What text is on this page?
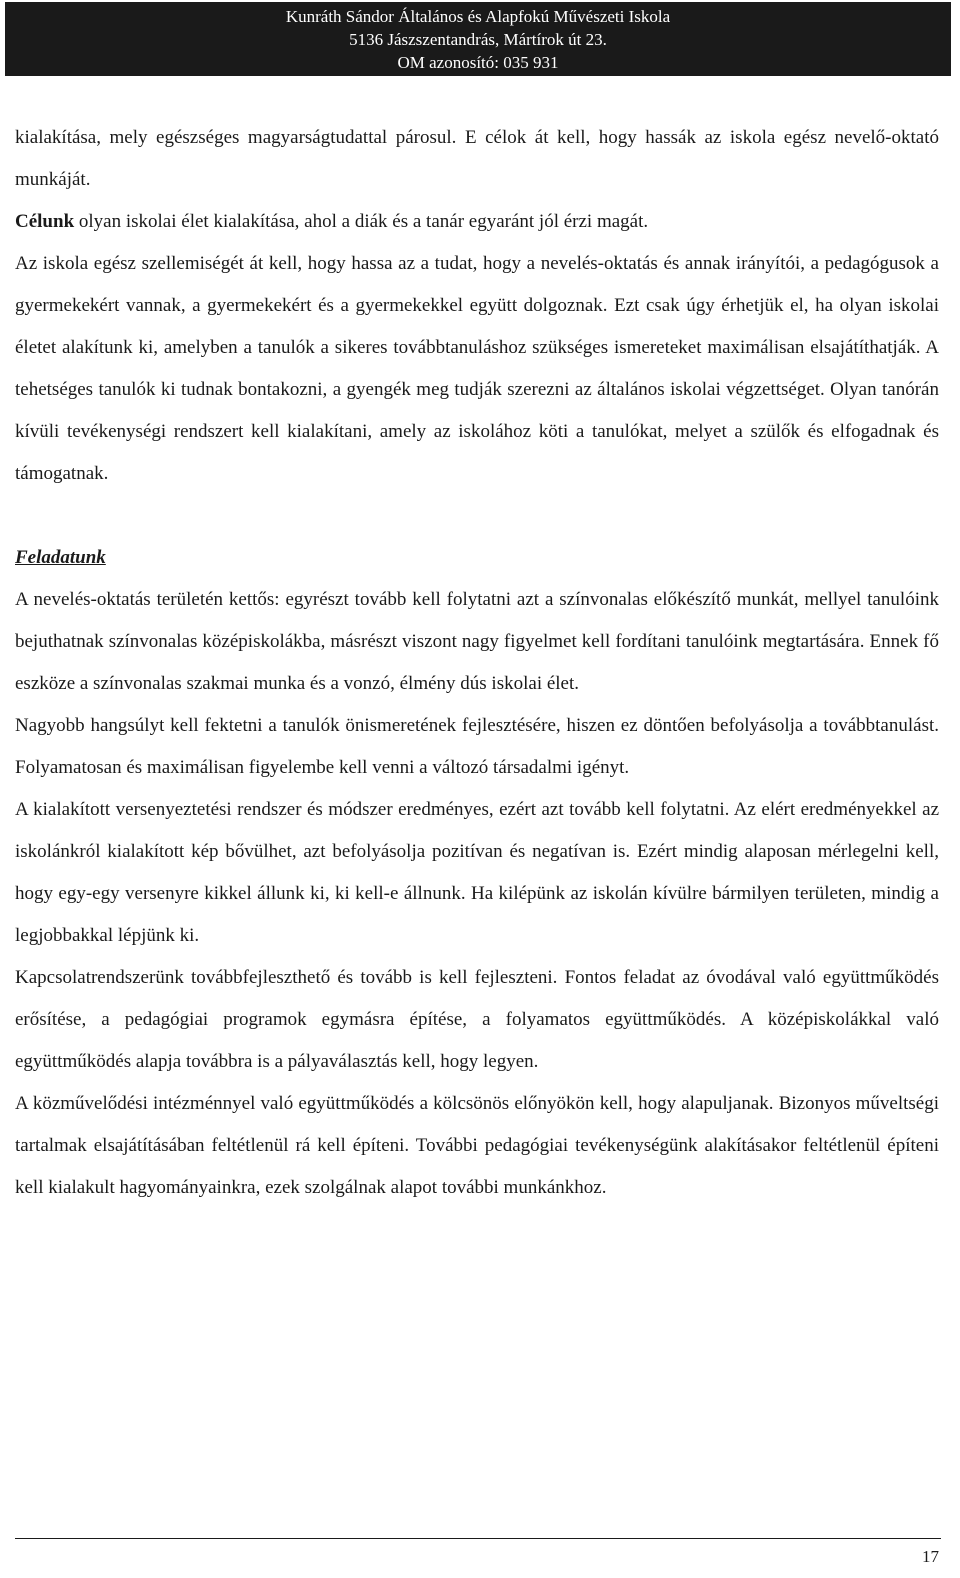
Kunráth Sándor Általános és Alapfokú Művészeti Iskola
5136 Jászszentandrás, Mártírok út 23.
OM azonosító: 035 931

kialakítása, mely egészséges magyarságtudattal párosul. E célok át kell, hogy hassák az iskola egész nevelő-oktató munkáját.

Célunk olyan iskolai élet kialakítása, ahol a diák és a tanár egyaránt jól érzi magát.

Az iskola egész szellemiségét át kell, hogy hassa az a tudat, hogy a nevelés-oktatás és annak irányítói, a pedagógusok a gyermekekért vannak, a gyermekekért és a gyermekekkel együtt dolgoznak. Ezt csak úgy érhetjük el, ha olyan iskolai életet alakítunk ki, amelyben a tanulók a sikeres továbbtanuláshoz szükséges ismereteket maximálisan elsajátíthatják. A tehetséges tanulók ki tudnak bontakozni, a gyengék meg tudják szerezni az általános iskolai végzettséget. Olyan tanórán kívüli tevékenységi rendszert kell kialakítani, amely az iskolához köti a tanulókat, melyet a szülők és elfogadnak és támogatnak.

Feladatunk

A nevelés-oktatás területén kettős: egyrészt tovább kell folytatni azt a színvonalas előkészítő munkát, mellyel tanulóink bejuthatnak színvonalas középiskolákba, másrészt viszont nagy figyelmet kell fordítani tanulóink megtartására. Ennek fő eszköze a színvonalas szakmai munka és a vonzó, élmény dús iskolai élet.

Nagyobb hangsúlyt kell fektetni a tanulók önismeretének fejlesztésére, hiszen ez döntően befolyásolja a továbbtanulást. Folyamatosan és maximálisan figyelembe kell venni a változó társadalmi igényt.

A kialakított versenyeztetési rendszer és módszer eredményes, ezért azt tovább kell folytatni. Az elért eredményekkel az iskolánkról kialakított kép bővülhet, azt befolyásolja pozitívan és negatívan is. Ezért mindig alaposan mérlegelni kell, hogy egy-egy versenyre kikkel állunk ki, ki kell-e állnunk. Ha kilépünk az iskolán kívülre bármilyen területen, mindig a legjobbakkal lépjünk ki.

Kapcsolatrendszerünk továbbfejleszthető és tovább is kell fejleszteni. Fontos feladat az óvodával való együttműködés erősítése, a pedagógiai programok egymásra építése, a folyamatos együttműködés. A középiskolákkal való együttműködés alapja továbbra is a pályaválasztás kell, hogy legyen.

A közművelődési intézménnyel való együttműködés a kölcsönös előnyökön kell, hogy alapuljanak. Bizonyos műveltségi tartalmak elsajátításában feltétlenül rá kell építeni. További pedagógiai tevékenységünk alakításakor feltétlenül építeni kell kialakult hagyományainkra, ezek szolgálnak alapot további munkánkhoz.

17
